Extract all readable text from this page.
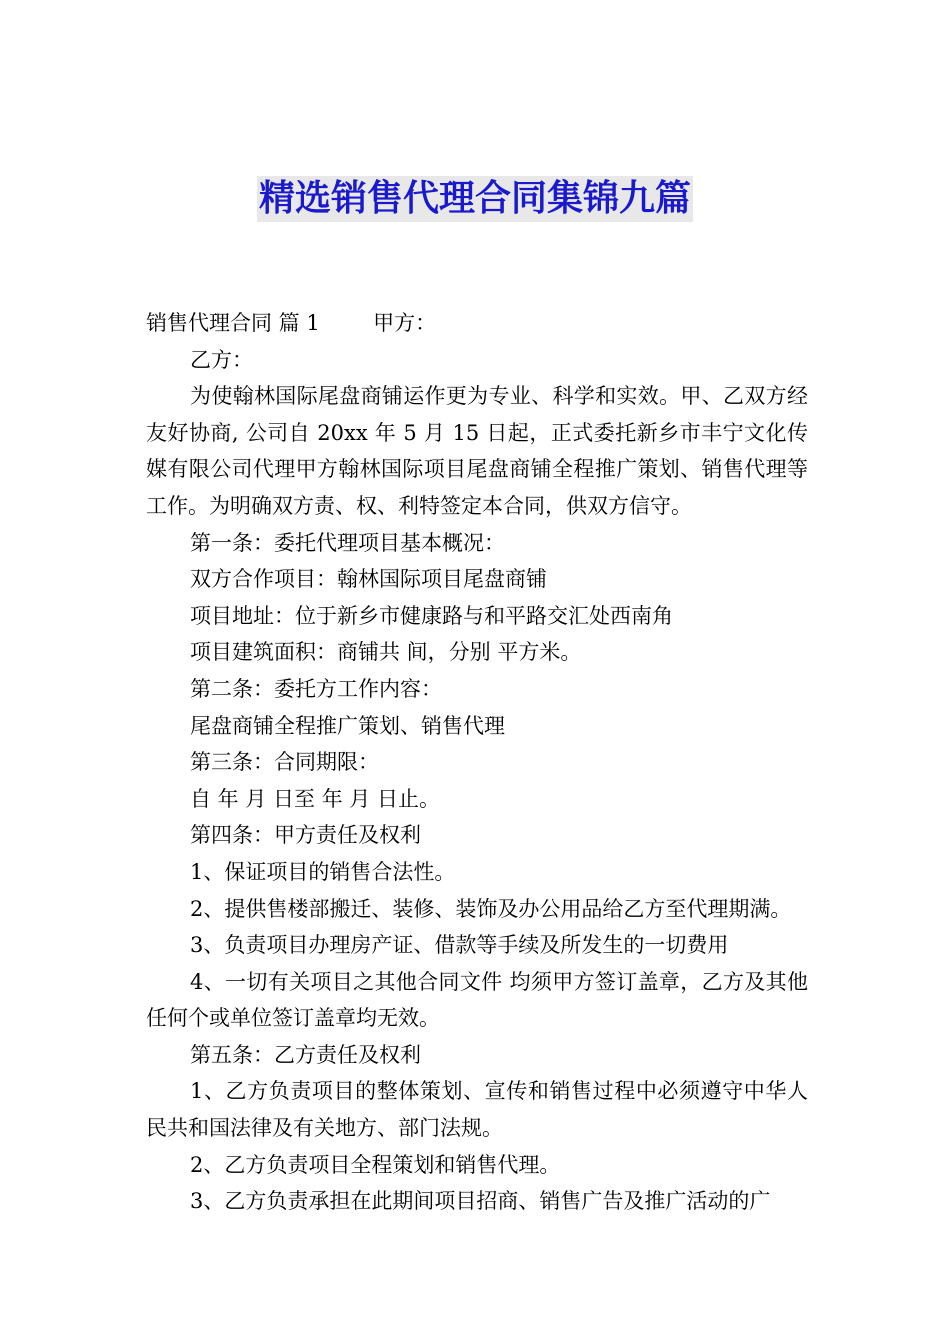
精选销售代理合同集锦九篇

销售代理合同 篇 1        甲方：

乙方：

为使翰林国际尾盘商铺运作更为专业、科学和实效。甲、乙双方经友好协商, 公司自 20xx 年 5 月 15 日起，正式委托新乡市丰宁文化传媒有限公司代理甲方翰林国际项目尾盘商铺全程推广策划、销售代理等工作。为明确双方责、权、利特签定本合同，供双方信守。

第一条：委托代理项目基本概况：

双方合作项目：翰林国际项目尾盘商铺

项目地址：位于新乡市健康路与和平路交汇处西南角

项目建筑面积：商铺共 间，分别 平方米。

第二条：委托方工作内容：

尾盘商铺全程推广策划、销售代理

第三条：合同期限：

自 年 月 日至 年 月 日止。

第四条：甲方责任及权利

1、保证项目的销售合法性。

2、提供售楼部搬迁、装修、装饰及办公用品给乙方至代理期满。

3、负责项目办理房产证、借款等手续及所发生的一切费用

4、一切有关项目之其他合同文件 均须甲方签订盖章，乙方及其他任何个或单位签订盖章均无效。

第五条：乙方责任及权利

1、乙方负责项目的整体策划、宣传和销售过程中必须遵守中华人民共和国法律及有关地方、部门法规。

2、乙方负责项目全程策划和销售代理。

3、乙方负责承担在此期间项目招商、销售广告及推广活动的广
